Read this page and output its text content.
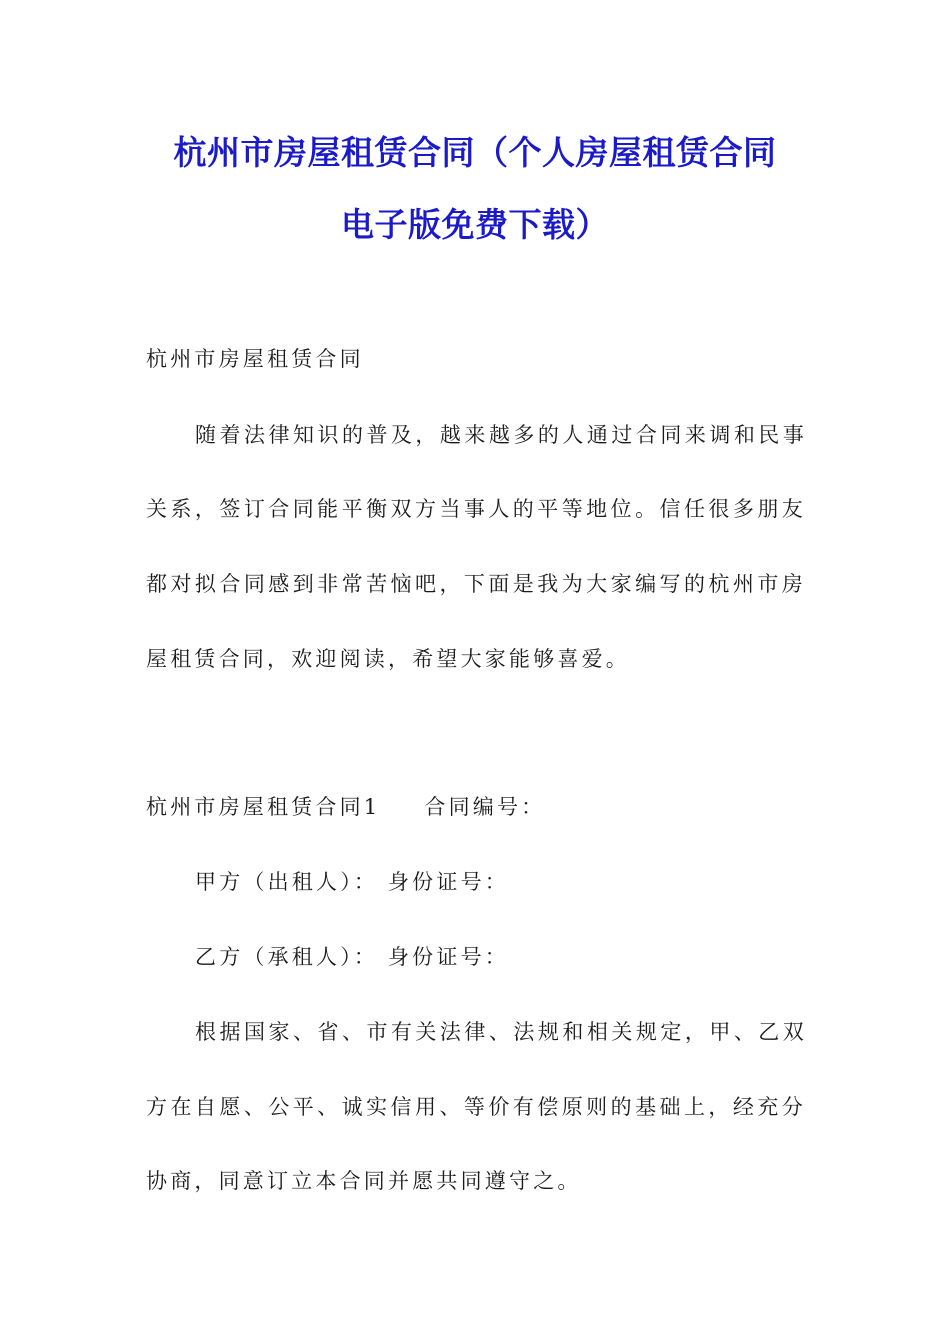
杭州市房屋租赁合同（个人房屋租赁合同
电子版免费下载）
杭州市房屋租赁合同
随着法律知识的普及，越来越多的人通过合同来调和民事
关系，签订合同能平衡双方当事人的平等地位。信任很多朋友
都对拟合同感到非常苦恼吧，下面是我为大家编写的杭州市房
屋租赁合同，欢迎阅读，希望大家能够喜爱。
杭州市房屋租赁合同1 合同编号：
甲方（出租人）： 身份证号：
乙方（承租人）： 身份证号：
根据国家、省、市有关法律、法规和相关规定，甲、乙双
方在自愿、公平、诚实信用、等价有偿原则的基础上，经充分
协商，同意订立本合同并愿共同遵守之。
